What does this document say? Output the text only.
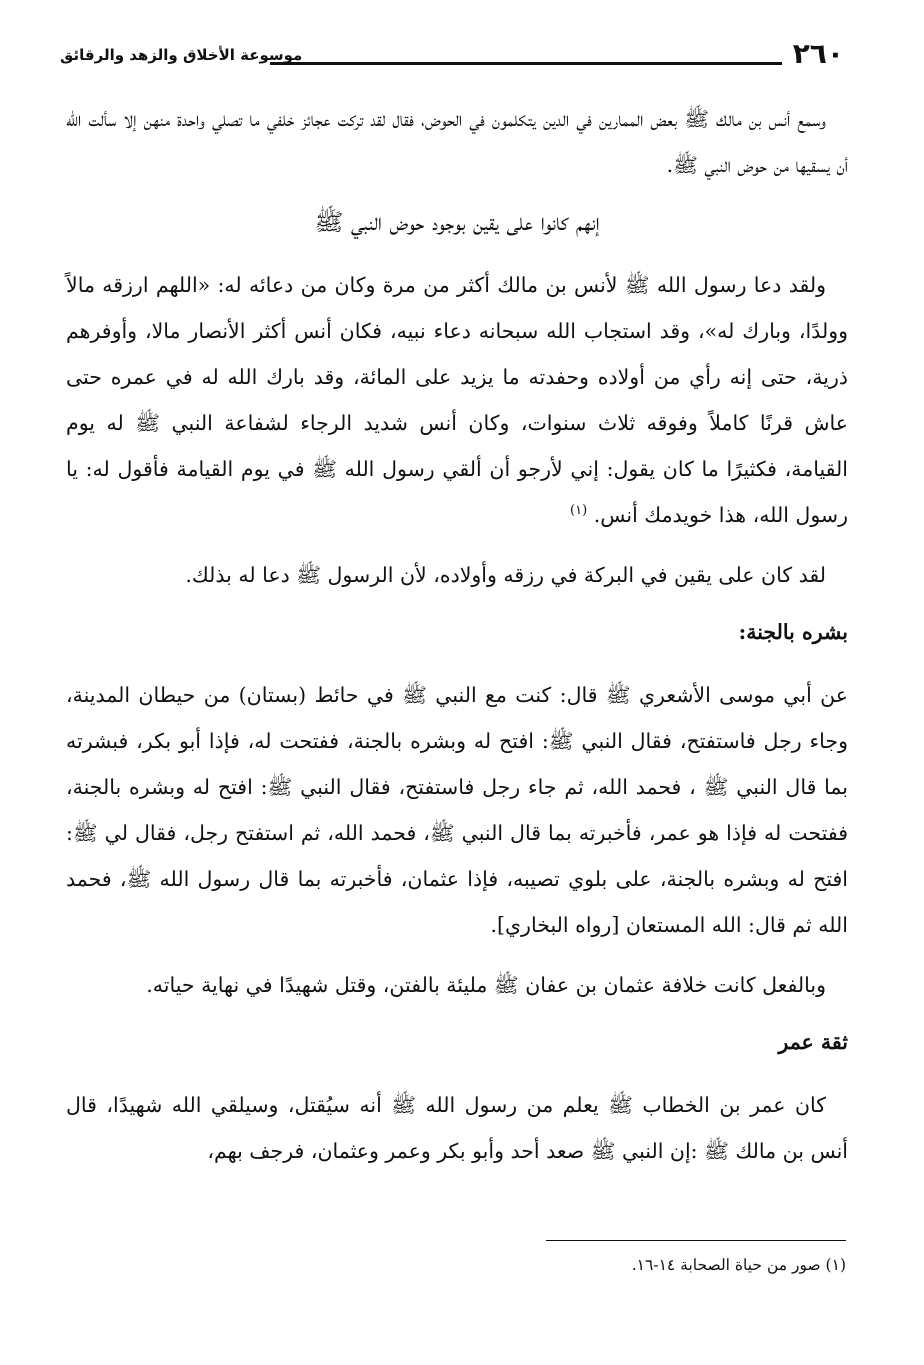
٢٦٠
موسوعة الأخلاق والزهد والرقائق

وسمع أنس بن مالك ﷺ بعض الممارين في الدين يتكلمون في الحوض، فقال لقد تركت عجائز خلفي ما تصلي واحدة منهن إلا سألت الله أن يسقيها من حوض النبي ﷺ.

إنهم كانوا على يقين بوجود حوض النبي ﷺ

ولقد دعا رسول الله ﷺ لأنس بن مالك أكثر من مرة وكان من دعائه له: «اللهم ارزقه مالاً وولدًا، وبارك له»، وقد استجاب الله سبحانه دعاء نبيه، فكان أنس أكثر الأنصار مالا، وأوفرهم ذرية، حتى إنه رأي من أولاده وحفدته ما يزيد على المائة، وقد بارك الله له في عمره حتى عاش قرنًا كاملاً وفوقه ثلاث سنوات، وكان أنس شديد الرجاء لشفاعة النبي ﷺ له يوم القيامة، فكثيرًا ما كان يقول: إني لأرجو أن ألقي رسول الله ﷺ في يوم القيامة فأقول له: يا رسول الله، هذا خويدمك أنس. $^{(١)}$

لقد كان على يقين في البركة في رزقه وأولاده، لأن الرسول ﷺ دعا له بذلك.

بشره بالجنة:

عن أبي موسى الأشعري ﷺ قال: كنت مع النبي ﷺ في حائط (بستان) من حيطان المدينة، وجاء رجل فاستفتح، فقال النبي ﷺ: افتح له وبشره بالجنة، ففتحت له، فإذا أبو بكر، فبشرته بما قال النبي ﷺ ، فحمد الله، ثم جاء رجل فاستفتح، فقال النبي ﷺ: افتح له وبشره بالجنة، ففتحت له فإذا هو عمر، فأخبرته بما قال النبي ﷺ، فحمد الله، ثم استفتح رجل، فقال لي ﷺ: افتح له وبشره بالجنة، على بلوي تصيبه، فإذا عثمان، فأخبرته بما قال رسول الله ﷺ، فحمد الله ثم قال: الله المستعان [رواه البخاري].

وبالفعل كانت خلافة عثمان بن عفان ﷺ مليئة بالفتن، وقتل شهيدًا في نهاية حياته.

ثقة عمر

كان عمر بن الخطاب ﷺ يعلم من رسول الله ﷺ أنه سيُقتل، وسيلقي الله شهيدًا، قال أنس بن مالك ﷺ :إن النبي ﷺ صعد أحد وأبو بكر وعمر وعثمان، فرجف بهم،

(١) صور من حياة الصحابة ١٤-١٦.
